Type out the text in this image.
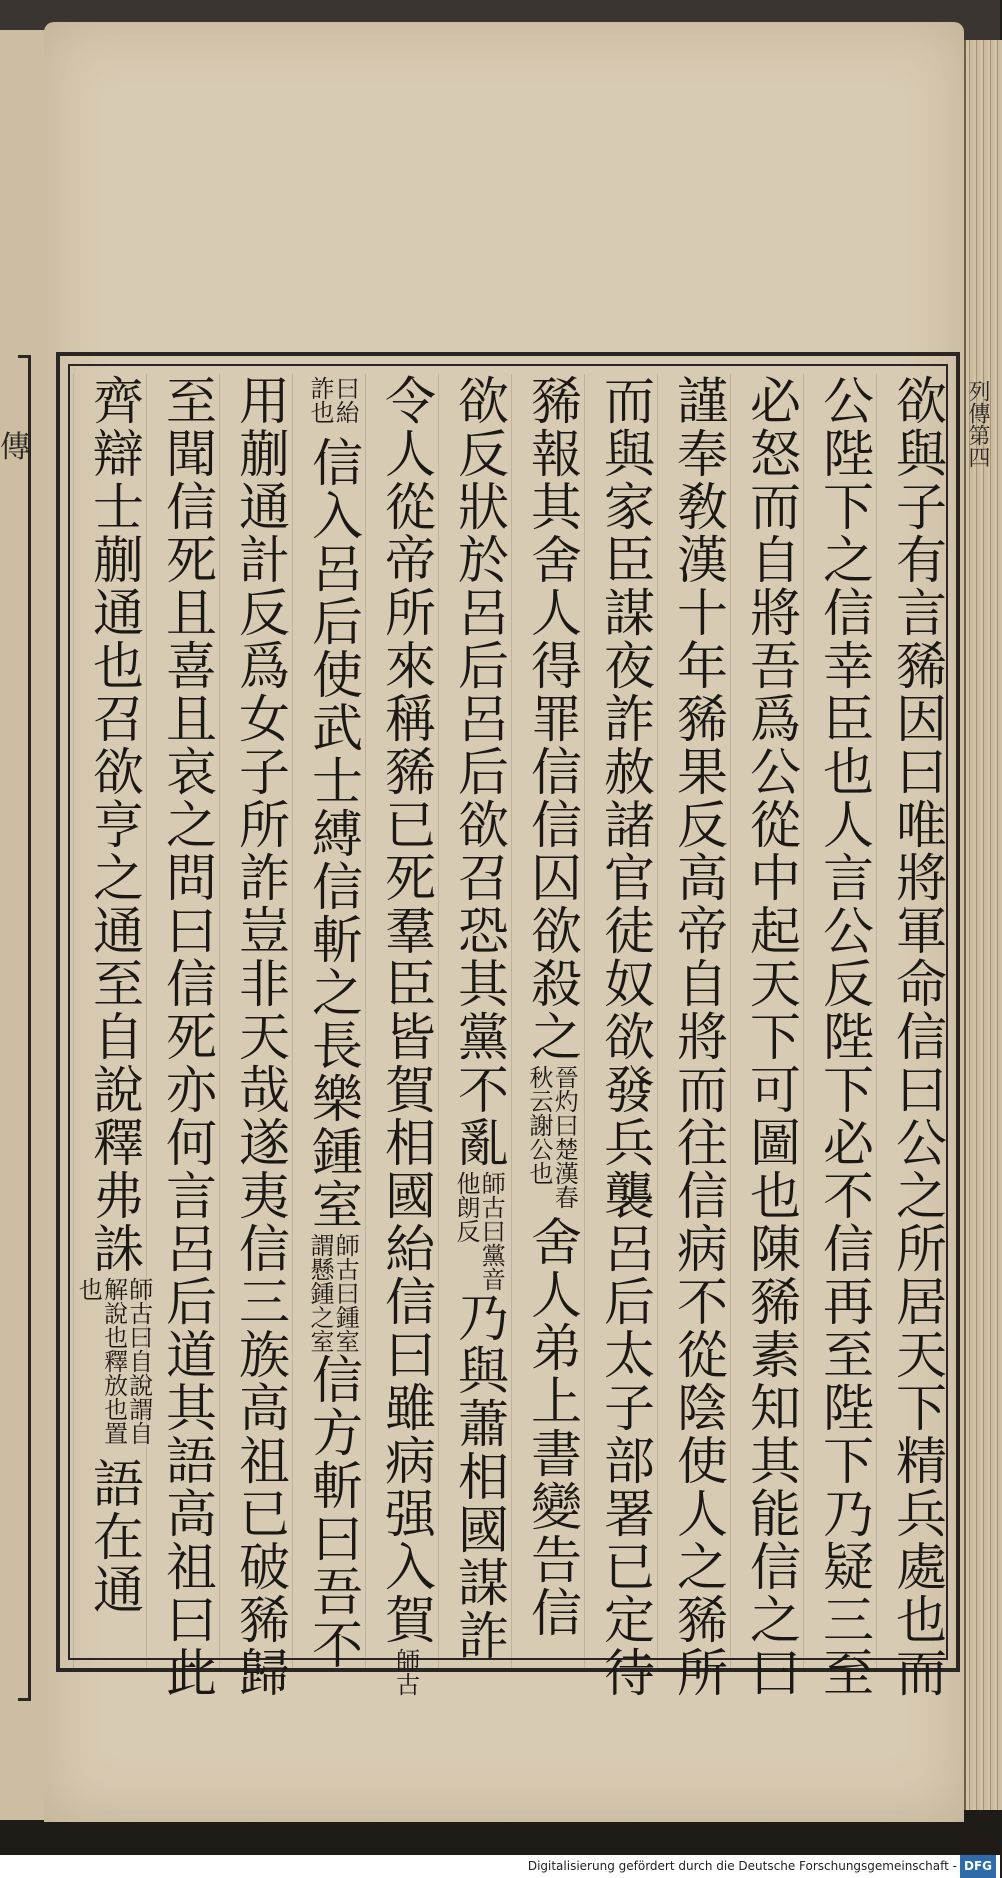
傳	列傳第四
欲與子有言豨因曰唯將軍命信曰公之所居天下精兵處也而
公陛下之信幸臣也人言公反陛下必不信再至陛下乃疑三至
必怒而自將吾爲公從中起天下可圖也陳豨素知其能信之曰
謹奉敎漢十年豨果反高帝自將而往信病不從陰使人之豨所
而與家臣謀夜詐赦諸官徒奴欲發兵襲呂后太子部署已定待
豨報其舍人得罪信信囚欲殺之
晉灼曰楚漢春秋云謝公也
舍人弟上書變告信
欲反狀於呂后呂后欲召恐其黨不亂
師古曰黨音他朗反
乃與蕭相國謀詐
令人從帝所來稱豨已死羣臣皆賀相國紿信曰雖病强入賀
師古
曰紿詐也
信入呂后使武士縛信斬之長樂鍾室
師古曰鍾室謂懸鍾之室
信方斬曰吾不
用蒯通計反爲女子所詐豈非天哉遂夷信三族高祖已破豨歸
至聞信死且喜且哀之問曰信死亦何言呂后道其語高祖曰此
齊辯士蒯通也召欲亨之通至自說釋弗誅
師古曰自說謂自解說也釋放也置也
語在通
Digitalisierung gefördert durch die Deutsche Forschungsgemeinschaft - DFG
